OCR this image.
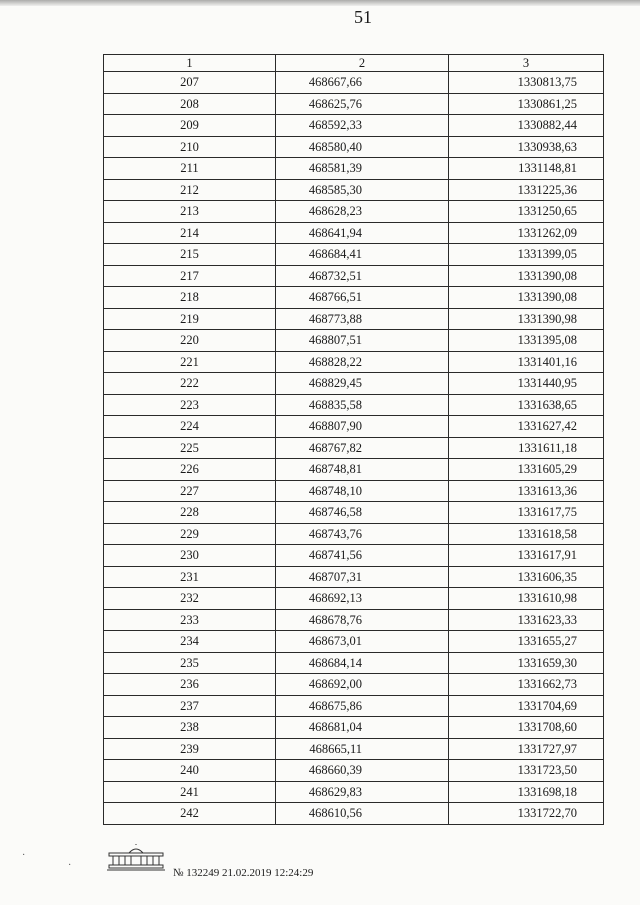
51
1	2	3
207	468667,66	1330813,75
208	468625,76	1330861,25
209	468592,33	1330882,44
210	468580,40	1330938,63
211	468581,39	1331148,81
212	468585,30	1331225,36
213	468628,23	1331250,65
214	468641,94	1331262,09
215	468684,41	1331399,05
217	468732,51	1331390,08
218	468766,51	1331390,08
219	468773,88	1331390,98
220	468807,51	1331395,08
221	468828,22	1331401,16
222	468829,45	1331440,95
223	468835,58	1331638,65
224	468807,90	1331627,42
225	468767,82	1331611,18
226	468748,81	1331605,29
227	468748,10	1331613,36
228	468746,58	1331617,75
229	468743,76	1331618,58
230	468741,56	1331617,91
231	468707,31	1331606,35
232	468692,13	1331610,98
233	468678,76	1331623,33
234	468673,01	1331655,27
235	468684,14	1331659,30
236	468692,00	1331662,73
237	468675,86	1331704,69
238	468681,04	1331708,60
239	468665,11	1331727,97
240	468660,39	1331723,50
241	468629,83	1331698,18
242	468610,56	1331722,70
№ 132249 21.02.2019 12:24:29
·
·
